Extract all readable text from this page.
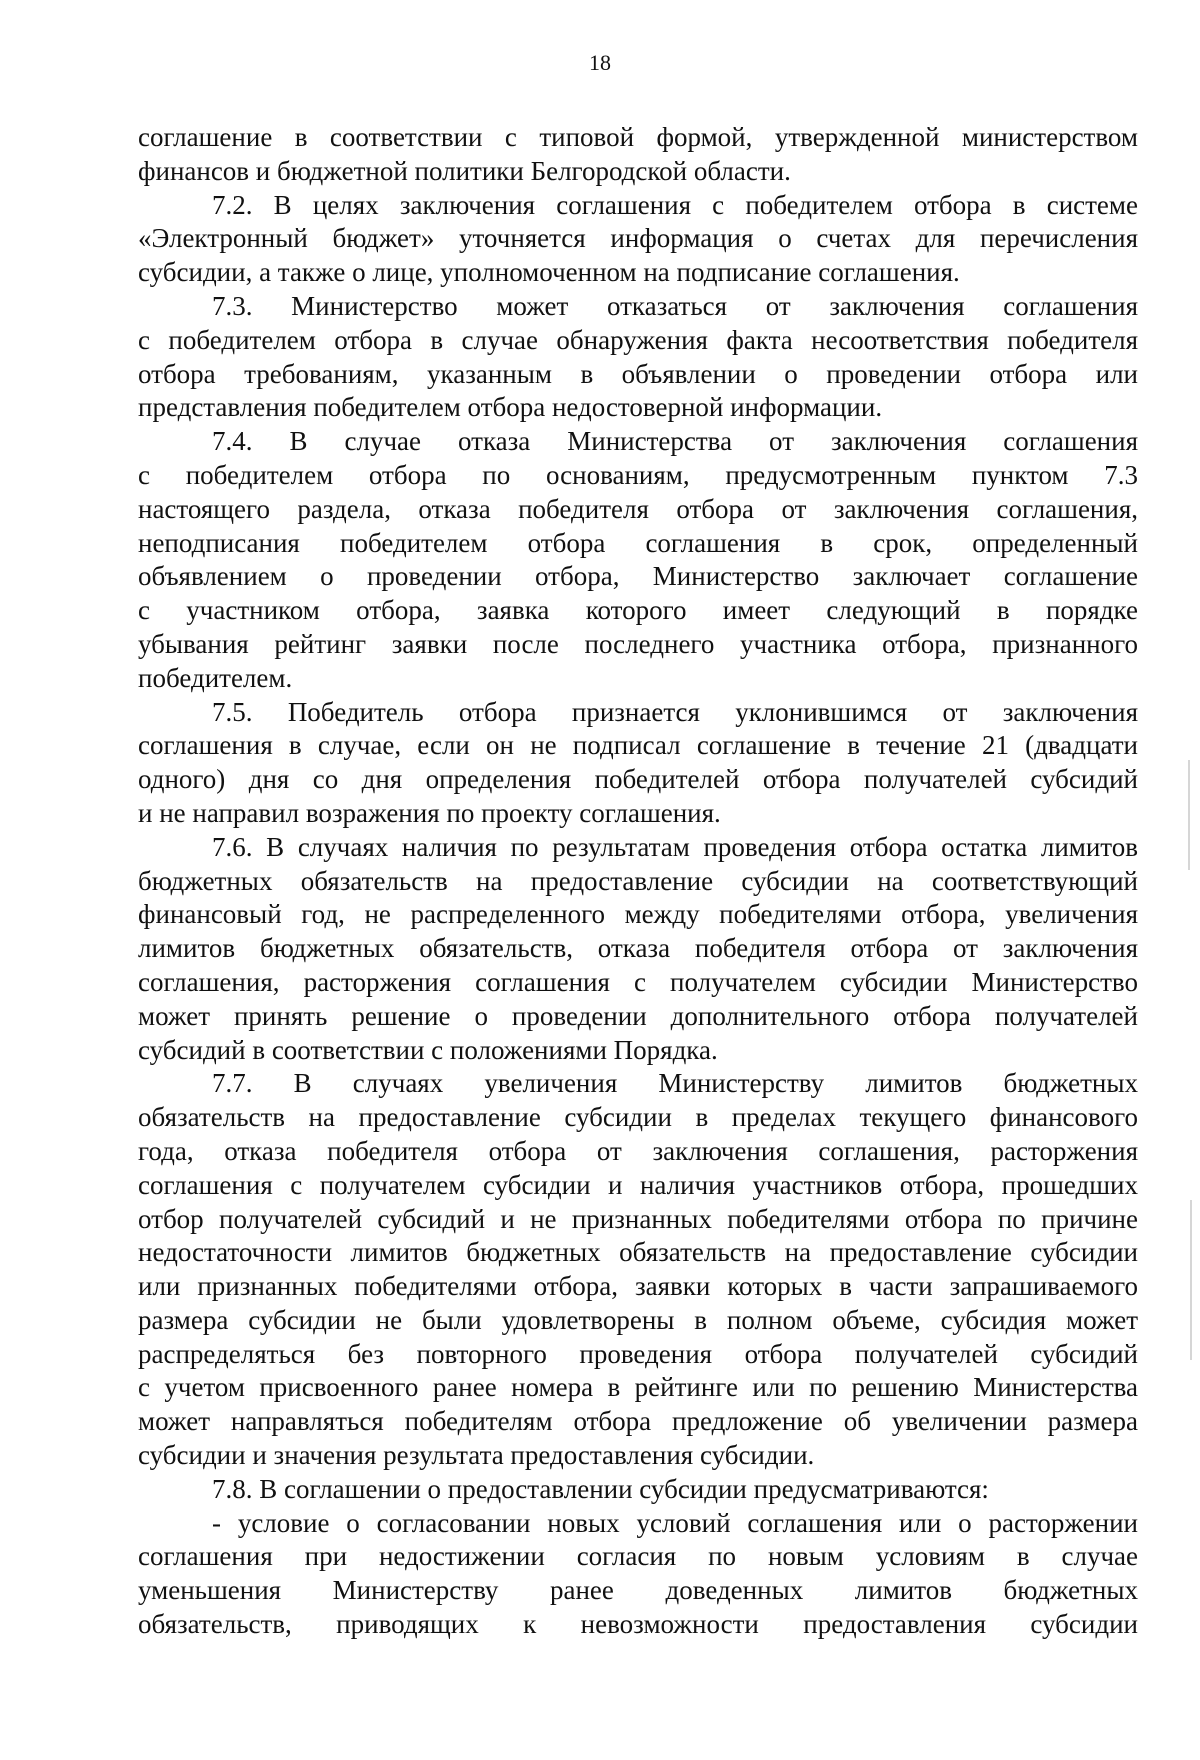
18
соглашение в соответствии с типовой формой, утвержденной министерством
финансов и бюджетной политики Белгородской области.
7.2. В целях заключения соглашения с победителем отбора в системе
«Электронный бюджет» уточняется информация о счетах для перечисления
субсидии, а также о лице, уполномоченном на подписание соглашения.
7.3. Министерство может отказаться от заключения соглашения
с победителем отбора в случае обнаружения факта несоответствия победителя
отбора требованиям, указанным в объявлении о проведении отбора или
представления победителем отбора недостоверной информации.
7.4. В случае отказа Министерства от заключения соглашения
с победителем отбора по основаниям, предусмотренным пунктом 7.3
настоящего раздела, отказа победителя отбора от заключения соглашения,
неподписания победителем отбора соглашения в срок, определенный
объявлением о проведении отбора, Министерство заключает соглашение
с участником отбора, заявка которого имеет следующий в порядке
убывания рейтинг заявки после последнего участника отбора, признанного
победителем.
7.5. Победитель отбора признается уклонившимся от заключения
соглашения в случае, если он не подписал соглашение в течение 21 (двадцати
одного) дня со дня определения победителей отбора получателей субсидий
и не направил возражения по проекту соглашения.
7.6. В случаях наличия по результатам проведения отбора остатка лимитов
бюджетных обязательств на предоставление субсидии на соответствующий
финансовый год, не распределенного между победителями отбора, увеличения
лимитов бюджетных обязательств, отказа победителя отбора от заключения
соглашения, расторжения соглашения с получателем субсидии Министерство
может принять решение о проведении дополнительного отбора получателей
субсидий в соответствии с положениями Порядка.
7.7. В случаях увеличения Министерству лимитов бюджетных
обязательств на предоставление субсидии в пределах текущего финансового
года, отказа победителя отбора от заключения соглашения, расторжения
соглашения с получателем субсидии и наличия участников отбора, прошедших
отбор получателей субсидий и не признанных победителями отбора по причине
недостаточности лимитов бюджетных обязательств на предоставление субсидии
или признанных победителями отбора, заявки которых в части запрашиваемого
размера субсидии не были удовлетворены в полном объеме, субсидия может
распределяться без повторного проведения отбора получателей субсидий
с учетом присвоенного ранее номера в рейтинге или по решению Министерства
может направляться победителям отбора предложение об увеличении размера
субсидии и значения результата предоставления субсидии.
7.8. В соглашении о предоставлении субсидии предусматриваются:
- условие о согласовании новых условий соглашения или о расторжении
соглашения при недостижении согласия по новым условиям в случае
уменьшения Министерству ранее доведенных лимитов бюджетных
обязательств, приводящих к невозможности предоставления субсидии
